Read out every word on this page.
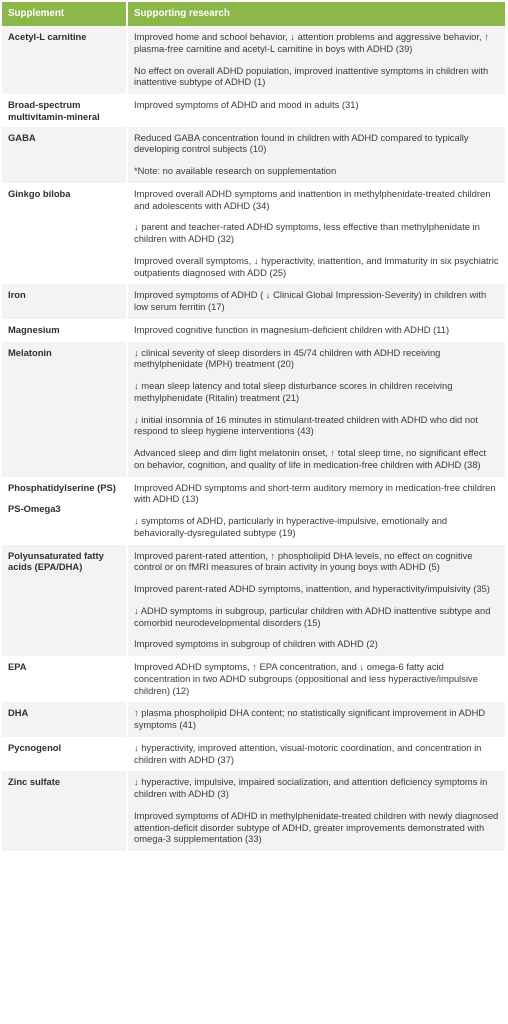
Supplement	Supporting research
Acetyl-L carnitine	Improved home and school behavior, ↓ attention problems and aggressive behavior, ↑ plasma-free carnitine and acetyl-L carnitine in boys with ADHD (39)
No effect on overall ADHD population, improved inattentive symptoms in children with inattentive subtype of ADHD (1)

Broad-spectrum multivitamin-mineral	Improved symptoms of ADHD and mood in adults (31)

GABA	Reduced GABA concentration found in children with ADHD compared to typically developing control subjects (10)
*Note: no available research on supplementation

Ginkgo biloba	Improved overall ADHD symptoms and inattention in methylphenidate-treated children and adolescents with ADHD (34)
↓ parent and teacher-rated ADHD symptoms, less effective than methylphenidate in children with ADHD (32)
Improved overall symptoms, ↓ hyperactivity, inattention, and immaturity in six psychiatric outpatients diagnosed with ADD (25)

Iron	Improved symptoms of ADHD ( ↓ Clinical Global Impression-Severity) in children with low serum ferritin (17)

Magnesium	Improved cognitive function in magnesium-deficient children with ADHD (11)

Melatonin	↓ clinical severity of sleep disorders in 45/74 children with ADHD receiving methylphenidate (MPH) treatment (20)
↓ mean sleep latency and total sleep disturbance scores in children receiving methylphenidate (Ritalin) treatment (21)
↓ initial insomnia of 16 minutes in stimulant-treated children with ADHD who did not respond to sleep hygiene interventions (43)
Advanced sleep and dim light melatonin onset, ↑ total sleep time, no significant effect on behavior, cognition, and quality of life in medication-free children with ADHD (38)

Phosphatidylserine (PS)
PS-Omega3	Improved ADHD symptoms and short-term auditory memory in medication-free children with ADHD (13)
↓ symptoms of ADHD, particularly in hyperactive-impulsive, emotionally and behaviorally-dysregulated subtype (19)

Polyunsaturated fatty acids (EPA/DHA)	Improved parent-rated attention, ↑ phospholipid DHA levels, no effect on cognitive control or on fMRI measures of brain activity in young boys with ADHD (5)
Improved parent-rated ADHD symptoms, inattention, and hyperactivity/impulsivity (35)
↓ ADHD symptoms in subgroup, particular children with ADHD inattentive subtype and comorbid neurodevelopmental disorders (15)
Improved symptoms in subgroup of children with ADHD (2)

EPA	Improved ADHD symptoms, ↑ EPA concentration, and ↓ omega-6 fatty acid concentration in two ADHD subgroups (oppositional and less hyperactive/impulsive children) (12)

DHA	↑ plasma phospholipid DHA content; no statistically significant improvement in ADHD symptoms (41)

Pycnogenol	↓ hyperactivity, improved attention, visual-motoric coordination, and concentration in children with ADHD (37)

Zinc sulfate	↓ hyperactive, impulsive, impaired socialization, and attention deficiency symptoms in children with ADHD (3)
Improved symptoms of ADHD in methylphenidate-treated children with newly diagnosed attention-deficit disorder subtype of ADHD, greater improvements demonstrated with omega-3 supplementation (33)
